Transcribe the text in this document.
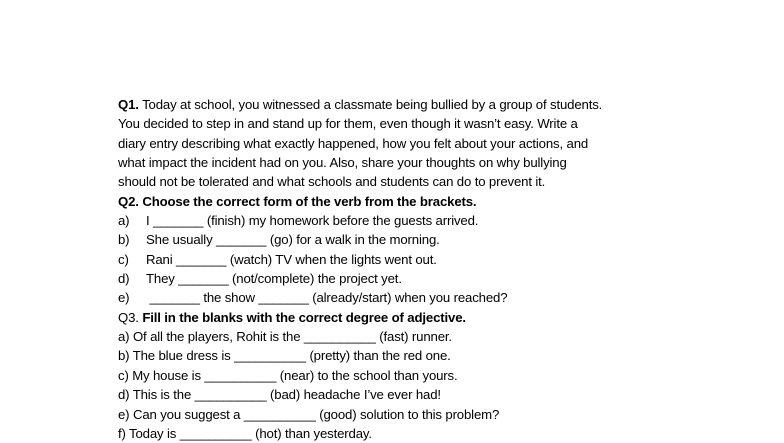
Q1. Today at school, you witnessed a classmate being bullied by a group of students.
You decided to step in and stand up for them, even though it wasn’t easy. Write a
diary entry describing what exactly happened, how you felt about your actions, and
what impact the incident had on you. Also, share your thoughts on why bullying
should not be tolerated and what schools and students can do to prevent it.
Q2. Choose the correct form of the verb from the brackets.
a) I _______ (finish) my homework before the guests arrived.
b) She usually _______ (go) for a walk in the morning.
c) Rani _______ (watch) TV when the lights went out.
d) They _______ (not/complete) the project yet.
e) _______ the show _______ (already/start) when you reached?
Q3. Fill in the blanks with the correct degree of adjective.
a) Of all the players, Rohit is the __________ (fast) runner.
b) The blue dress is __________ (pretty) than the red one.
c) My house is __________ (near) to the school than yours.
d) This is the __________ (bad) headache I’ve ever had!
e) Can you suggest a __________ (good) solution to this problem?
f) Today is __________ (hot) than yesterday.
